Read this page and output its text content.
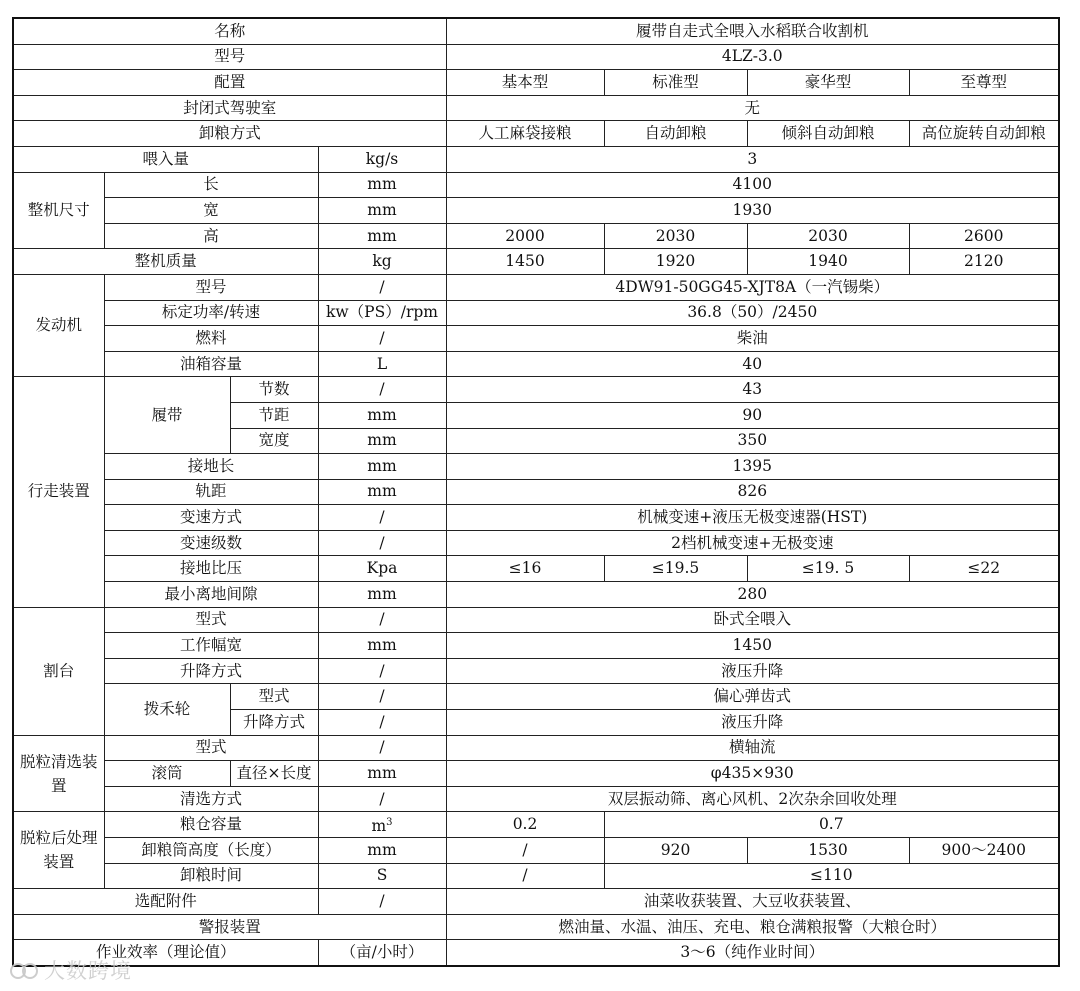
名称				履带自走式全喂入水稻联合收割机			
型号				4LZ-3.0			
配置				基本型	标准型	豪华型	至尊型
封闭式驾驶室				无			
卸粮方式				人工麻袋接粮	自动卸粮	倾斜自动卸粮	高位旋转自动卸粮
喂入量			kg/s	3			
整机尺寸	长		mm	4100			
	宽		mm	1930			
	高		mm	2000	2030	2030	2600
整机质量			kg	1450	1920	1940	2120
发动机	型号		/	4DW91-50GG45-XJT8A（一汽锡柴）			
	标定功率/转速		kw（PS）/rpm	36.8（50）/2450			
	燃料		/	柴油			
	油箱容量		L	40			
行走装置	履带	节数	/	43			
		节距	mm	90			
		宽度	mm	350			
	接地长		mm	1395			
	轨距		mm	826			
	变速方式		/	机械变速+液压无极变速器(HST)			
	变速级数		/	2档机械变速+无极变速			
	接地比压		Kpa	≤16	≤19.5	≤19. 5	≤22
	最小离地间隙		mm	280			
割台	型式		/	卧式全喂入			
	工作幅宽		mm	1450			
	升降方式		/	液压升降			
	拨禾轮	型式	/	偏心弹齿式			
		升降方式	/	液压升降			
脱粒清选装置	型式		/	横轴流			
	滚筒	直径×长度	mm	φ435×930			
	清选方式		/	双层振动筛、离心风机、2次杂余回收处理			
脱粒后处理装置	粮仓容量		$m^3$	0.2	0.7		
	卸粮筒高度（长度）		mm	/	920	1530	900～2400
	卸粮时间		S	/	≤110		
选配附件			/	油菜收获装置、大豆收获装置、			
警报装置				燃油量、水温、油压、充电、粮仓满粮报警（大粮仓时）			
作业效率（理论值）			（亩/小时）	3～6（纯作业时间）			
大数跨境
